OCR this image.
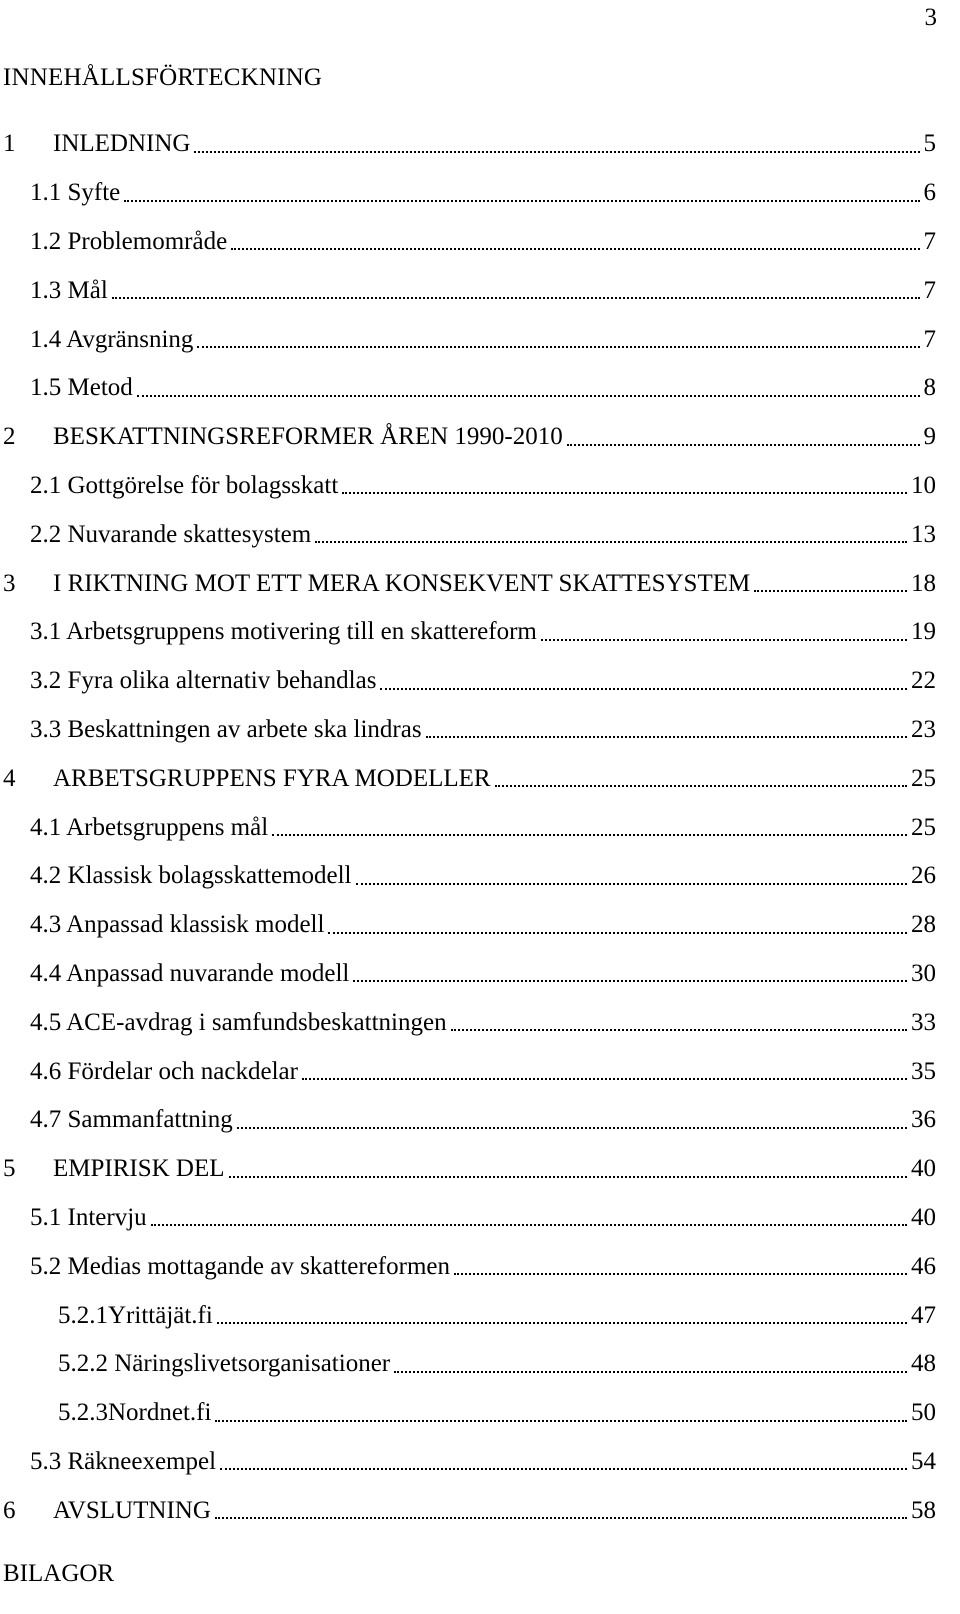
3
INNEHÅLLSFÖRTECKNING
1	INLEDNING	5
1.1 Syfte	6
1.2 Problemområde	7
1.3 Mål	7
1.4 Avgränsning	7
1.5 Metod	8
2	BESKATTNINGSREFORMER ÅREN 1990-2010	9
2.1 Gottgörelse för bolagsskatt	10
2.2 Nuvarande skattesystem	13
3	I RIKTNING MOT ETT MERA KONSEKVENT SKATTESYSTEM	18
3.1 Arbetsgruppens motivering till en skattereform	19
3.2 Fyra olika alternativ behandlas	22
3.3 Beskattningen av arbete ska lindras	23
4	ARBETSGRUPPENS FYRA MODELLER	25
4.1 Arbetsgruppens mål	25
4.2 Klassisk bolagsskattemodell	26
4.3 Anpassad klassisk modell	28
4.4 Anpassad nuvarande modell	30
4.5 ACE-avdrag i samfundsbeskattningen	33
4.6 Fördelar och nackdelar	35
4.7 Sammanfattning	36
5	EMPIRISK DEL	40
5.1 Intervju	40
5.2 Medias mottagande av skattereformen	46
5.2.1Yrittäjät.fi	47
5.2.2 Näringslivetsorganisationer	48
5.2.3Nordnet.fi	50
5.3 Räkneexempel	54
6	AVSLUTNING	58
BILAGOR
